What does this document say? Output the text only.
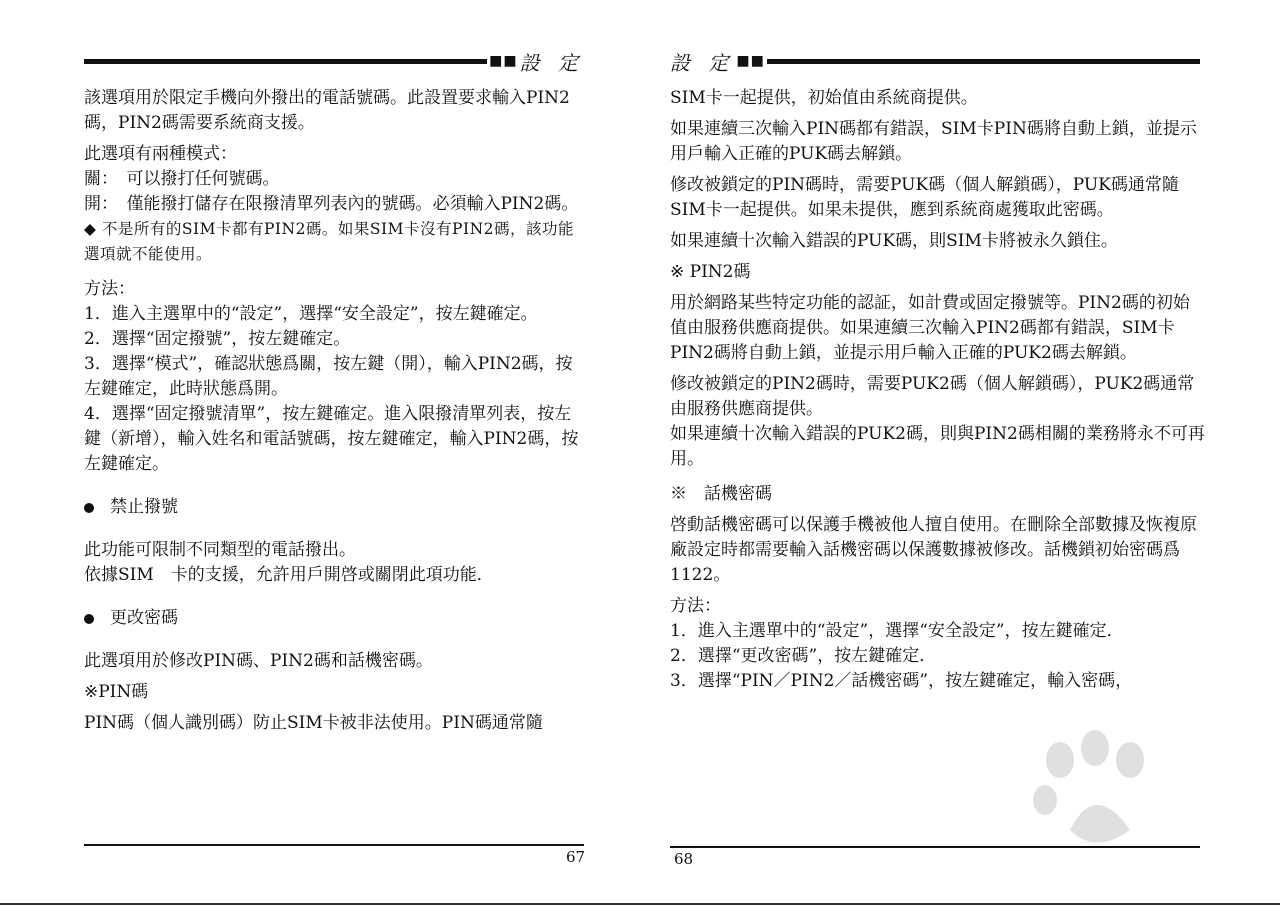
■■ 設 定

該選項用於限定手機向外撥出的電話號碼。此設置要求輸入PIN2碼，PIN2碼需要系統商支援。

此選項有兩種模式：

關：　可以撥打任何號碼。

開：　僅能撥打儲存在限撥清單列表內的號碼。必須輸入PIN2碼。

◆ 不是所有的SIM卡都有PIN2碼。如果SIM卡沒有PIN2碼，該功能選項就不能使用。

方法：

1．進入主選單中的“設定”，選擇“安全設定”，按左鍵確定。

2．選擇“固定撥號”，按左鍵確定。

3．選擇“模式”，確認狀態爲關，按左鍵（開），輸入PIN2碼，按左鍵確定，此時狀態爲開。

4．選擇“固定撥號清單”，按左鍵確定。進入限撥清單列表，按左鍵（新增），輸入姓名和電話號碼，按左鍵確定，輸入PIN2碼，按左鍵確定。

禁止撥號

此功能可限制不同類型的電話撥出。

依據SIM　卡的支援，允許用戶開啓或關閉此項功能．

更改密碼

此選項用於修改PIN碼、PIN2碼和話機密碼。

※PIN碼

PIN碼（個人識別碼）防止SIM卡被非法使用。PIN碼通常隨

67
設 定 ■■

SIM卡一起提供，初始值由系統商提供。

如果連續三次輸入PIN碼都有錯誤，SIM卡PIN碼將自動上鎖，並提示用戶輸入正確的PUK碼去解鎖。

修改被鎖定的PIN碼時，需要PUK碼（個人解鎖碼），PUK碼通常隨SIM卡一起提供。如果未提供，應到系統商處獲取此密碼。

如果連續十次輸入錯誤的PUK碼，則SIM卡將被永久鎖住。

※ PIN2碼

用於網路某些特定功能的認証，如計費或固定撥號等。PIN2碼的初始值由服務供應商提供。如果連續三次輸入PIN2碼都有錯誤，SIM卡PIN2碼將自動上鎖，並提示用戶輸入正確的PUK2碼去解鎖。

修改被鎖定的PIN2碼時，需要PUK2碼（個人解鎖碼），PUK2碼通常由服務供應商提供。

如果連續十次輸入錯誤的PUK2碼，則與PIN2碼相關的業務將永不可再用。

※　話機密碼

啓動話機密碼可以保護手機被他人擅自使用。在刪除全部數據及恢複原廠設定時都需要輸入話機密碼以保護數據被修改。話機鎖初始密碼爲1122。

方法：

1．進入主選單中的“設定”，選擇“安全設定”，按左鍵確定．

2．選擇“更改密碼”，按左鍵確定．

3．選擇“PIN／PIN2／話機密碼”，按左鍵確定，輸入密碼，

68
